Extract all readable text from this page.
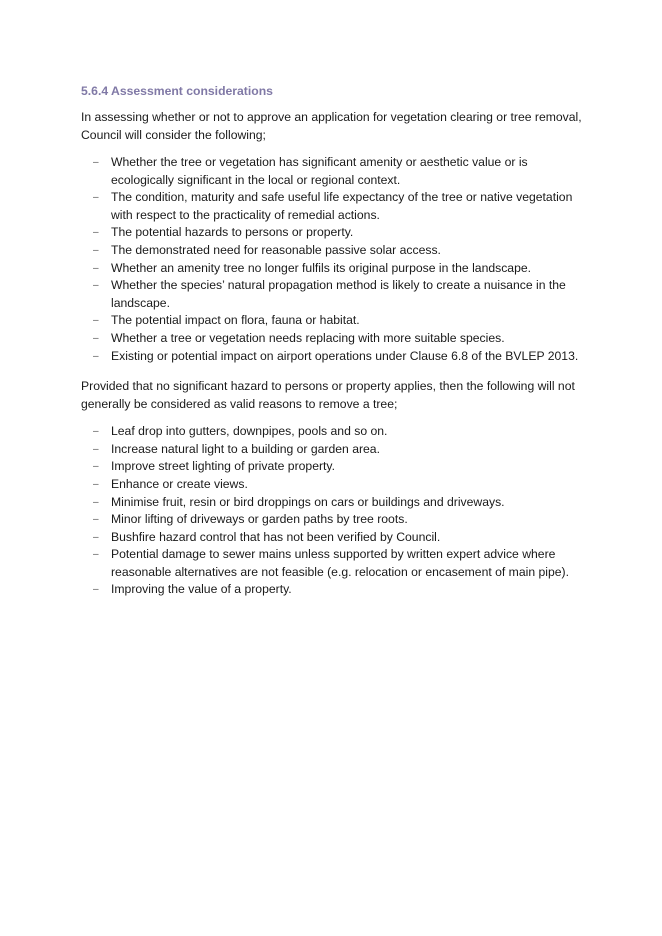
5.6.4 Assessment considerations

In assessing whether or not to approve an application for vegetation clearing or tree removal, Council will consider the following;

– Whether the tree or vegetation has significant amenity or aesthetic value or is ecologically significant in the local or regional context.
– The condition, maturity and safe useful life expectancy of the tree or native vegetation with respect to the practicality of remedial actions.
– The potential hazards to persons or property.
– The demonstrated need for reasonable passive solar access.
– Whether an amenity tree no longer fulfils its original purpose in the landscape.
– Whether the species’ natural propagation method is likely to create a nuisance in the landscape.
– The potential impact on flora, fauna or habitat.
– Whether a tree or vegetation needs replacing with more suitable species.
– Existing or potential impact on airport operations under Clause 6.8 of the BVLEP 2013.

Provided that no significant hazard to persons or property applies, then the following will not generally be considered as valid reasons to remove a tree;

– Leaf drop into gutters, downpipes, pools and so on.
– Increase natural light to a building or garden area.
– Improve street lighting of private property.
– Enhance or create views.
– Minimise fruit, resin or bird droppings on cars or buildings and driveways.
– Minor lifting of driveways or garden paths by tree roots.
– Bushfire hazard control that has not been verified by Council.
– Potential damage to sewer mains unless supported by written expert advice where reasonable alternatives are not feasible (e.g. relocation or encasement of main pipe).
– Improving the value of a property.
